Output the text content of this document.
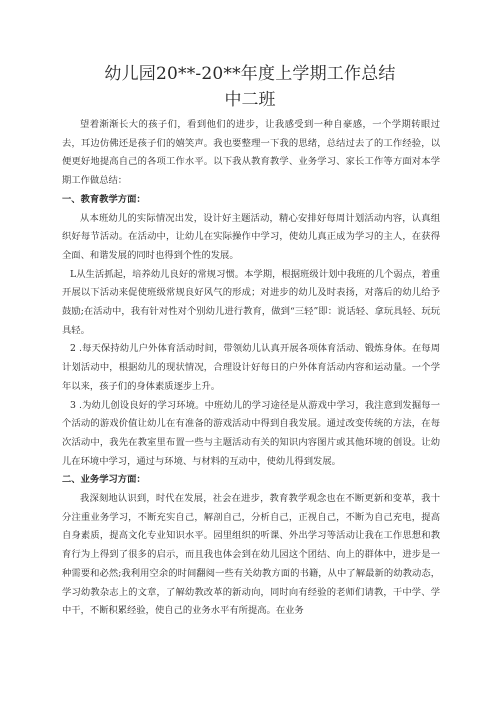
幼儿园20**-20**年度上学期工作总结
中二班

望着渐渐长大的孩子们，看到他们的进步，让我感受到一种自豪感，一个学期转眼过去，耳边仿佛还是孩子们的嬉笑声。我也要整理一下我的思绪，总结过去了的工作经验，以便更好地提高自己的各项工作水平。以下我从教育教学、业务学习、家长工作等方面对本学期工作做总结：

一、教育教学方面：

从本班幼儿的实际情况出发，设计好主题活动，精心安排好每周计划活动内容，认真组织好每节活动。在活动中，让幼儿在实际操作中学习，使幼儿真正成为学习的主人，在获得全面、和谐发展的同时也得到个性的发展。

L从生活抓起，培养幼儿良好的常规习惯。本学期，根据班级计划中我班的几个弱点，着重开展以下活动来促使班级常规良好风气的形成；对进步的幼儿及时表扬，对落后的幼儿给予鼓励;在活动中，我有针对性对个别幼儿进行教育，做到“三轻”即：说话轻、拿玩具轻、玩玩具轻。

2 .每天保持幼儿户外体育活动时间，带领幼儿认真开展各项体育活动、锻炼身体。在每周计划活动中，根据幼儿的现状情况，合理设计好每日的户外体育活动内容和运动量。一个学年以来，孩子们的身体素质逐步上升。

3 .为幼儿创设良好的学习环境。中班幼儿的学习途径是从游戏中学习，我注意到发掘每一个活动的游戏价值让幼儿在有准备的游戏活动中得到自我发展。通过改变传统的方法，在每次活动中，我先在教室里布置一些与主题活动有关的知识内容图片或其他环境的创设。让幼儿在环境中学习，通过与环境、与材料的互动中，使幼儿得到发展。

二、业务学习方面：

我深刻地认识到，时代在发展，社会在进步，教育教学观念也在不断更新和变革，我十分注重业务学习，不断充实自己，解剖自己，分析自己，正视自己，不断为自己充电，提高自身素质，提高文化专业知识水平。园里组织的听课、外出学习等活动让我在工作思想和教育行为上得到了很多的启示，而且我也体会到在幼儿园这个团结、向上的群体中，进步是一种需要和必然;我利用空余的时间翻阅一些有关幼教方面的书籍，从中了解最新的幼教动态，学习幼教杂志上的文章，了解幼教改革的新动向，同时向有经验的老师们请教，干中学、学中干，不断积累经验，使自己的业务水平有所提高。在业务
